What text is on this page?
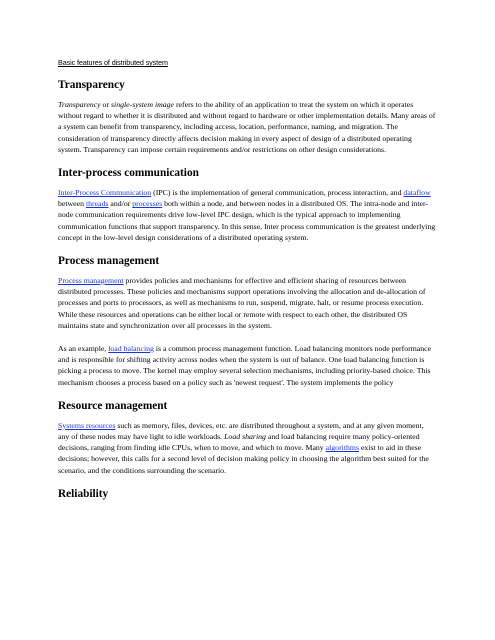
Basic features of distributed system
Transparency

Transparency or single-system image refers to the ability of an application to treat the system on which it operates without regard to whether it is distributed and without regard to hardware or other implementation details. Many areas of a system can benefit from transparency, including access, location, performance, naming, and migration. The consideration of transparency directly affects decision making in every aspect of design of a distributed operating system. Transparency can impose certain requirements and/or restrictions on other design considerations.

Inter-process communication

Inter-Process Communication (IPC) is the implementation of general communication, process interaction, and dataflow between threads and/or processes both within a node, and between nodes in a distributed OS. The intra-node and inter-node communication requirements drive low-level IPC design, which is the typical approach to implementing communication functions that support transparency. In this sense, Inter process communication is the greatest underlying concept in the low-level design considerations of a distributed operating system.

Process management

Process management provides policies and mechanisms for effective and efficient sharing of resources between distributed processes. These policies and mechanisms support operations involving the allocation and de-allocation of processes and ports to processors, as well as mechanisms to run, suspend, migrate, halt, or resume process execution. While these resources and operations can be either local or remote with respect to each other, the distributed OS maintains state and synchronization over all processes in the system.

As an example, load balancing is a common process management function. Load balancing monitors node performance and is responsible for shifting activity across nodes when the system is out of balance. One load balancing function is picking a process to move. The kernel may employ several selection mechanisms, including priority-based choice. This mechanism chooses a process based on a policy such as 'newest request'. The system implements the policy

Resource management

Systems resources such as memory, files, devices, etc. are distributed throughout a system, and at any given moment, any of these nodes may have light to idle workloads. Load sharing and load balancing require many policy-oriented decisions, ranging from finding idle CPUs, when to move, and which to move. Many algorithms exist to aid in these decisions; however, this calls for a second level of decision making policy in choosing the algorithm best suited for the scenario, and the conditions surrounding the scenario.

Reliability
